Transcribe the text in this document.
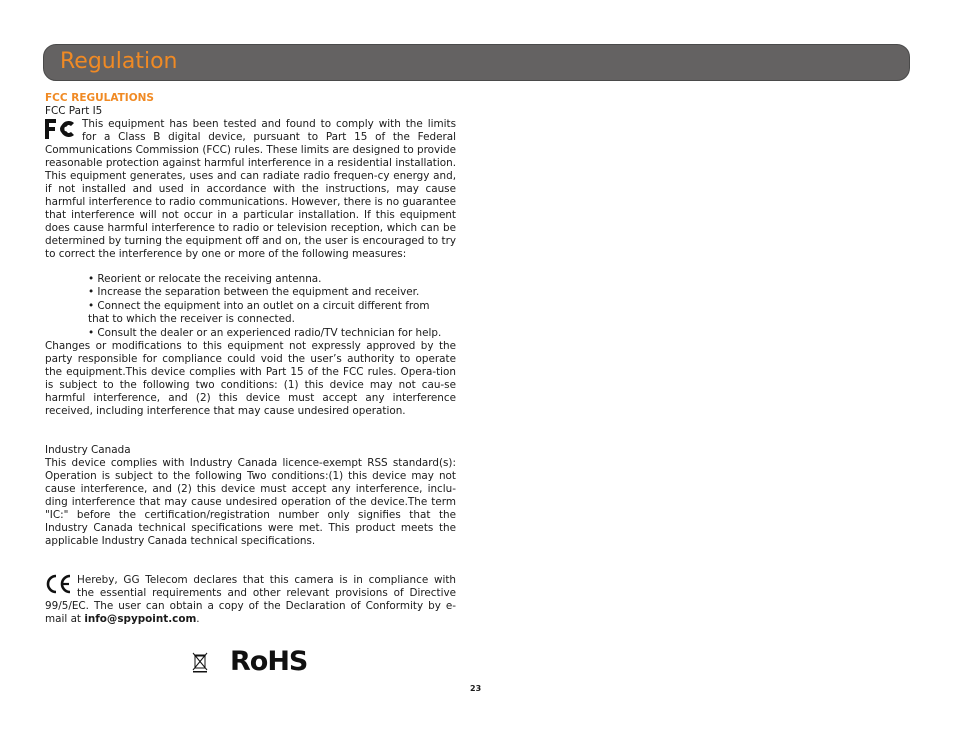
Regulation
FCC REGULATIONS
FCC Part I5
This equipment has been tested and found to comply with the limits
for a Class B digital device, pursuant to Part 15 of the Federal

Communications Commission (FCC) rules. These limits are designed to provide reasonable protection against harmful interference in a residential installation. This equipment generates, uses and can radiate radio frequen-cy energy and, if not installed and used in accordance with the instructions, may cause harmful interference to radio communications. However, there is no guarantee that interference will not occur in a particular installation. If this equipment does cause harmful interference to radio or television reception, which can be determined by turning the equipment off and on, the user is encouraged to try to correct the interference by one or more of the following measures:

• Reorient or relocate the receiving antenna.
• Increase the separation between the equipment and receiver.
• Connect the equipment into an outlet on a circuit different from
that to which the receiver is connected.
• Consult the dealer or an experienced radio/TV technician for help.

Changes or modifications to this equipment not expressly approved by the party responsible for compliance could void the user’s authority to operate the equipment.This device complies with Part 15 of the FCC rules. Opera-tion is subject to the following two conditions: (1) this device may not cau-se harmful interference, and (2) this device must accept any interference received, including interference that may cause undesired operation.

Industry Canada

This device complies with Industry Canada licence-exempt RSS standard(s): Operation is subject to the following Two conditions:(1) this device may not cause interference, and (2) this device must accept any interference, inclu-ding interference that may cause undesired operation of the device.The term "IC:" before the certification/registration number only signifies that the Industry Canada technical specifications were met. This product meets the applicable Industry Canada technical specifications.

Hereby, GG Telecom declares that this camera is in compliance with
the essential requirements and other relevant provisions of Directive

99/5/EC. The user can obtain a copy of the Declaration of Conformity by e-mail at info@spypoint.com.

RoHS
23
